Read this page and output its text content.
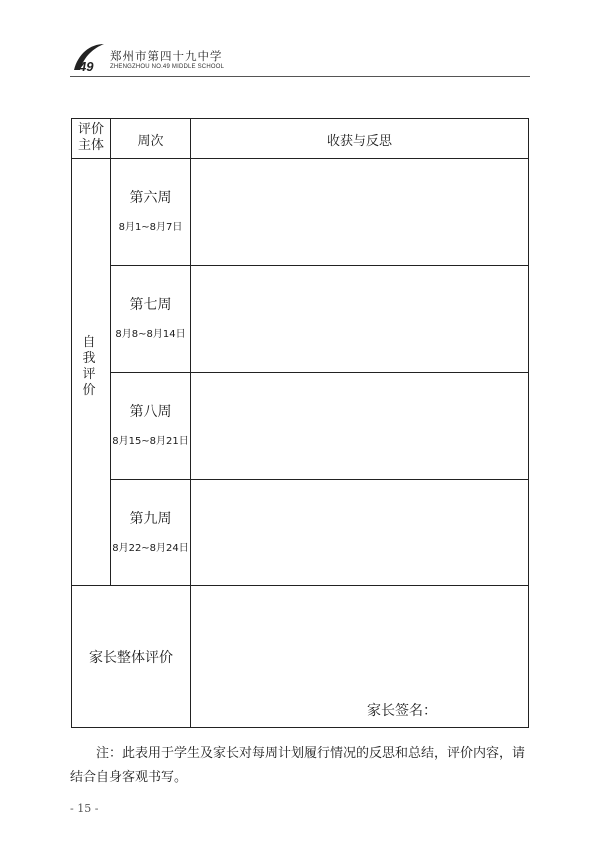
49
郑州市第四十九中学
ZHENGZHOU NO.49 MIDDLE SCHOOL
评价主体	周次	收获与反思
自我评价
第六周
8月1~8月7日
第七周
8月8~8月14日
第八周
8月15~8月21日
第九周
8月22~8月24日
家长整体评价
家长签名：
注：此表用于学生及家长对每周计划履行情况的反思和总结，评价内容，请结合自身客观书写。
- 15 -
